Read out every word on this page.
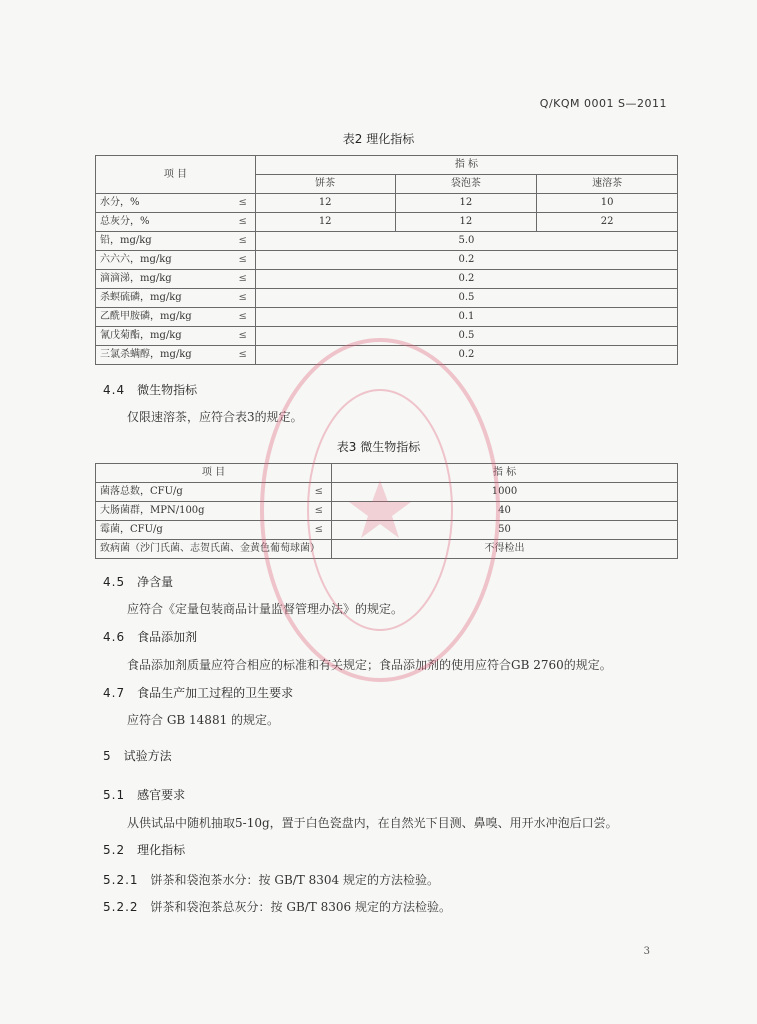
Q/KQM 0001 S—2011
表2 理化指标
项 目	指 标		
	饼茶	袋泡茶	速溶茶
水分，% ≤	12	12	10
总灰分，% ≤	12	12	22
铅，mg/kg ≤	5.0		
六六六，mg/kg ≤	0.2		
滴滴涕，mg/kg ≤	0.2		
杀螟硫磷，mg/kg ≤	0.5		
乙酰甲胺磷，mg/kg ≤	0.1		
氰戊菊酯，mg/kg ≤	0.5		
三氯杀螨醇，mg/kg ≤	0.2		
4.4 微生物指标
仅限速溶茶，应符合表3的规定。
表3 微生物指标
项 目	指 标
菌落总数，CFU/g ≤	1000
大肠菌群，MPN/100g ≤	40
霉菌，CFU/g ≤	50
致病菌（沙门氏菌、志贺氏菌、金黄色葡萄球菌）	不得检出
4.5 净含量
应符合《定量包装商品计量监督管理办法》的规定。
4.6 食品添加剂
食品添加剂质量应符合相应的标准和有关规定；食品添加剂的使用应符合GB 2760的规定。
4.7 食品生产加工过程的卫生要求
应符合 GB 14881 的规定。
5 试验方法
5.1 感官要求
从供试品中随机抽取5-10g，置于白色瓷盘内，在自然光下目测、鼻嗅、用开水冲泡后口尝。
5.2 理化指标
5.2.1 饼茶和袋泡茶水分：按 GB/T 8304 规定的方法检验。
5.2.2 饼茶和袋泡茶总灰分：按 GB/T 8306 规定的方法检验。
3
